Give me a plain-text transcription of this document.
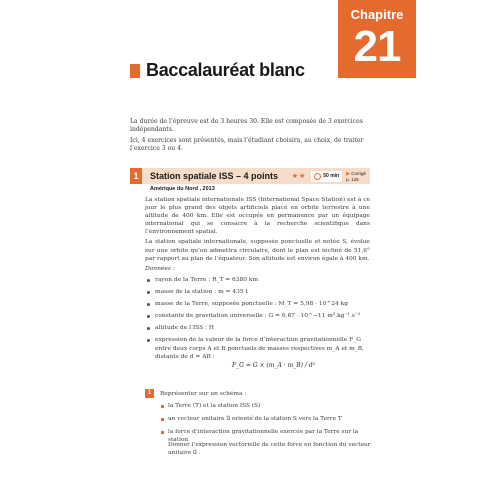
Chapitre
21
Baccalauréat blanc

La durée de l’épreuve est de 3 heures 30. Elle est composée de 3 exercices indépendants.

Ici, 4 exercices sont présentés, mais l’étudiant choisira, au choix, de traiter l’exercice 3 ou 4.

1	Station spatiale ISS – 4 points	★★	50 min ▶ Corrigé
p. 125
Amérique du Nord , 2013

La station spatiale internationale ISS (International Space Station) est à ce jour le plus grand des objets artificiels placé en orbite terrestre à une altitude de 400 km. Elle est occupée en permanence par un équipage international qui se consacre à la recherche scientifique dans l’environnement spatial.

La station spatiale internationale, supposée ponctuelle et notée S, évolue sur une orbite qu’on admettra circulaire, dont le plan est incliné de 51,6° par rapport au plan de l’équateur. Son altitude est environ égale à 400 km.

Données :

rayon de la Terre : R_T = 6380 km
masse de la station : m = 435 t
masse de la Terre, supposée ponctuelle : M_T = 5,98 · 10^24 kg
constante de gravitation universelle : G = 6,67 · 10^−11 m³.kg⁻¹.s⁻²
altitude de l’ISS : H
expression de la valeur de la force d’interaction gravitationnelle F_G entre deux corps A et B ponctuels de masses respectives m_A et m_B, distants de d = AB :
F_G = G × (m_A · m_B) / d²
1	Représenter sur un schéma :
la Terre (T) et la station ISS (S)
un vecteur unitaire u⃗ orienté de la station S vers la Terre T
la force d’interaction gravitationnelle exercée par la Terre sur la station

Donner l’expression vectorielle de cette force en fonction du vecteur unitaire u⃗ .
